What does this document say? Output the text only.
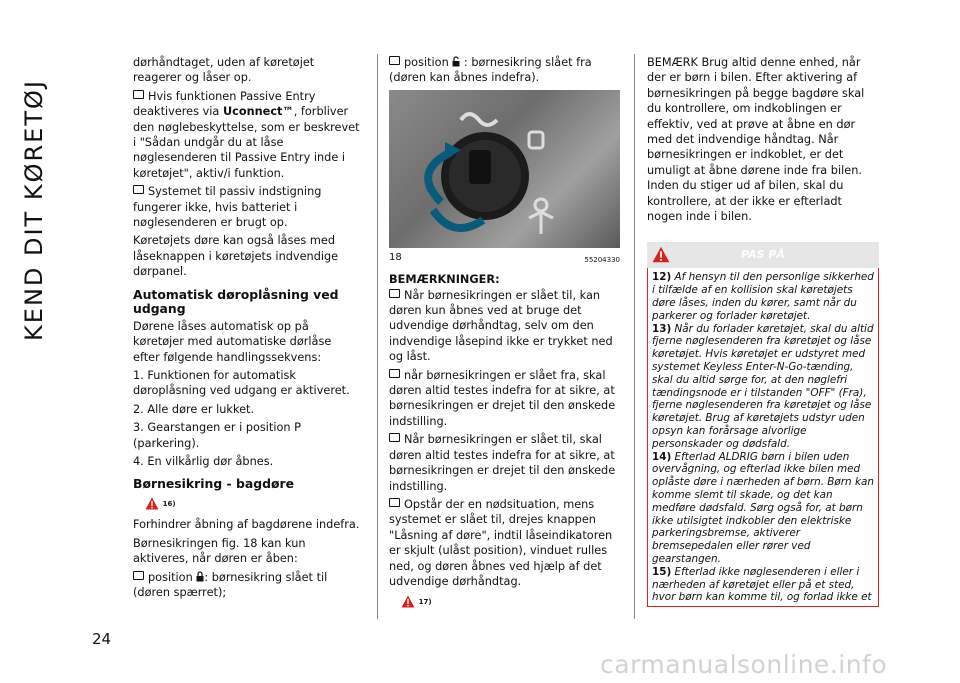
KEND DIT KØRETØJ

dørhåndtaget, uden af køretøjet reagerer og låser op.

Hvis funktionen Passive Entry deaktiveres via Uconnect™, forbliver den nøglebeskyttelse, som er beskrevet i "Sådan undgår du at låse nøglesenderen til Passive Entry inde i køretøjet", aktiv/i funktion.

Systemet til passiv indstigning fungerer ikke, hvis batteriet i nøglesenderen er brugt op.

Køretøjets døre kan også låses med låseknappen i køretøjets indvendige dørpanel.

Automatisk døroplåsning ved udgang

Dørene låses automatisk op på køretøjer med automatiske dørlåse efter følgende handlingssekvens:

1. Funktionen for automatisk døroplåsning ved udgang er aktiveret.

2. Alle døre er lukket.

3. Gearstangen er i position P (parkering).

4. En vilkårlig dør åbnes.

Børnesikring - bagdøre
$^{16)}$

Forhindrer åbning af bagdørene indefra.

Børnesikringen fig. 18 kan kun aktiveres, når døren er åben:

position : børnesikring slået til (døren spærret);

position  : børnesikring slået fra (døren kan åbnes indefra).

18	55204330
BEMÆRKNINGER:

Når børnesikringen er slået til, kan døren kun åbnes ved at bruge det udvendige dørhåndtag, selv om den indvendige låsepind ikke er trykket ned og låst.

når børnesikringen er slået fra, skal døren altid testes indefra for at sikre, at børnesikringen er drejet til den ønskede indstilling.

Når børnesikringen er slået til, skal døren altid testes indefra for at sikre, at børnesikringen er drejet til den ønskede indstilling.

Opstår der en nødsituation, mens systemet er slået til, drejes knappen "Låsning af døre", indtil låseindikatoren er skjult (ulåst position), vinduet rulles ned, og døren åbnes ved hjælp af det udvendige dørhåndtag.

$^{17)}$

BEMÆRK Brug altid denne enhed, når der er børn i bilen. Efter aktivering af børnesikringen på begge bagdøre skal du kontrollere, om indkoblingen er effektiv, ved at prøve at åbne en dør med det indvendige håndtag. Når børnesikringen er indkoblet, er det umuligt at åbne dørene inde fra bilen. Inden du stiger ud af bilen, skal du kontrollere, at der ikke er efterladt nogen inde i bilen.

PAS PÅ

12) Af hensyn til den personlige sikkerhed i tilfælde af en kollision skal køretøjets døre låses, inden du kører, samt når du parkerer og forlader køretøjet.

13) Når du forlader køretøjet, skal du altid fjerne nøglesenderen fra køretøjet og låse køretøjet. Hvis køretøjet er udstyret med systemet Keyless Enter-N-Go-tænding, skal du altid sørge for, at den nøglefri tændingsnode er i tilstanden "OFF" (Fra), fjerne nøglesenderen fra køretøjet og låse køretøjet. Brug af køretøjets udstyr uden opsyn kan forårsage alvorlige personskader og dødsfald.

14) Efterlad ALDRIG børn i bilen uden overvågning, og efterlad ikke bilen med oplåste døre i nærheden af børn. Børn kan komme slemt til skade, og det kan medføre dødsfald. Sørg også for, at børn ikke utilsigtet indkobler den elektriske parkeringsbremse, aktiverer bremsepedalen eller rører ved gearstangen.

15) Efterlad ikke nøglesenderen i eller i nærheden af køretøjet eller på et sted, hvor børn kan komme til, og forlad ikke et

24
carmanualsonline.info
